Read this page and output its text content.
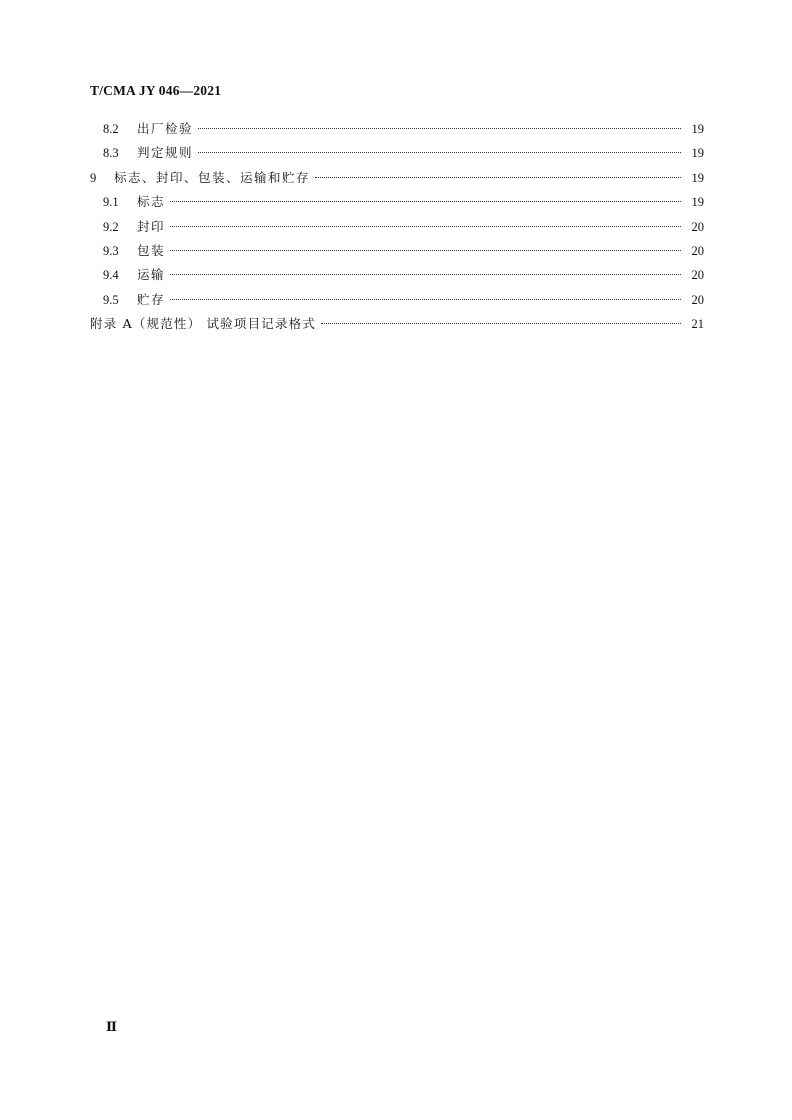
T/CMA JY 046—2021
8.2	出厂检验	19
8.3	判定规则	19
9	标志、封印、包装、运输和贮存	19
9.1	标志	19
9.2	封印	20
9.3	包装	20
9.4	运输	20
9.5	贮存	20
附录 A（规范性） 试验项目记录格式	21
Ⅱ
